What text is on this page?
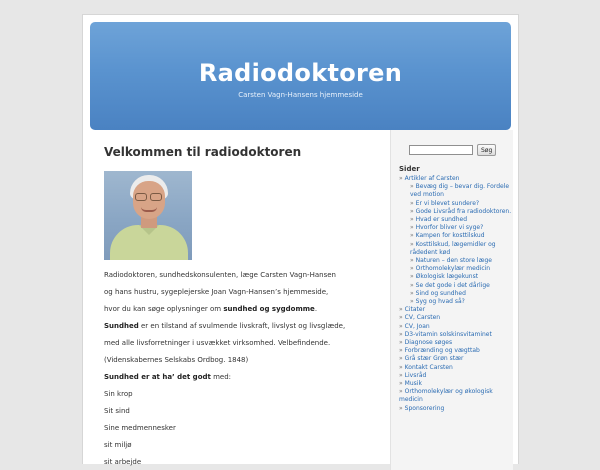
Radiodoktoren
Carsten Vagn-Hansens hjemmeside
Velkommen til radiodoktoren

Radiodoktoren, sundhedskonsulenten, læge Carsten Vagn-Hansen

og hans hustru, sygeplejerske Joan Vagn-Hansen’s hjemmeside,

hvor du kan søge oplysninger om sundhed og sygdomme.

Sundhed er en tilstand af svulmende livskraft, livslyst og livsglæde,

med alle livsforretninger i usvækket virksomhed. Velbefindende.

(Videnskabernes Selskabs Ordbog. 1848)

Sundhed er at ha’ det godt med:

Sin krop

Sit sind

Sine medmennesker

sit miljø

sit arbejde

Søg
Sider
» Artikler af Carsten
» Bevæg dig – bevar dig. Fordele ved motion
» Er vi blevet sundere?
» Gode Livsråd fra radiodoktoren.
» Hvad er sundhed
» Hvorfor bliver vi syge?
» Kampen for kosttilskud
» Kosttilskud, lægemidler og rådedent kød
» Naturen – den store læge
» Orthomolekylær medicin
» Økologisk lægekunst
» Se det gode i det dårlige
» Sind og sundhed
» Syg og hvad så?
» Citater
» CV, Carsten
» CV, Joan
» D3-vitamin solskinsvitaminet
» Diagnose søges
» Forbrænding og vægttab
» Grå stær Grøn stær
» Kontakt Carsten
» Livsråd
» Musik
» Orthomolekylær og økologisk medicin
» Sponsorering
